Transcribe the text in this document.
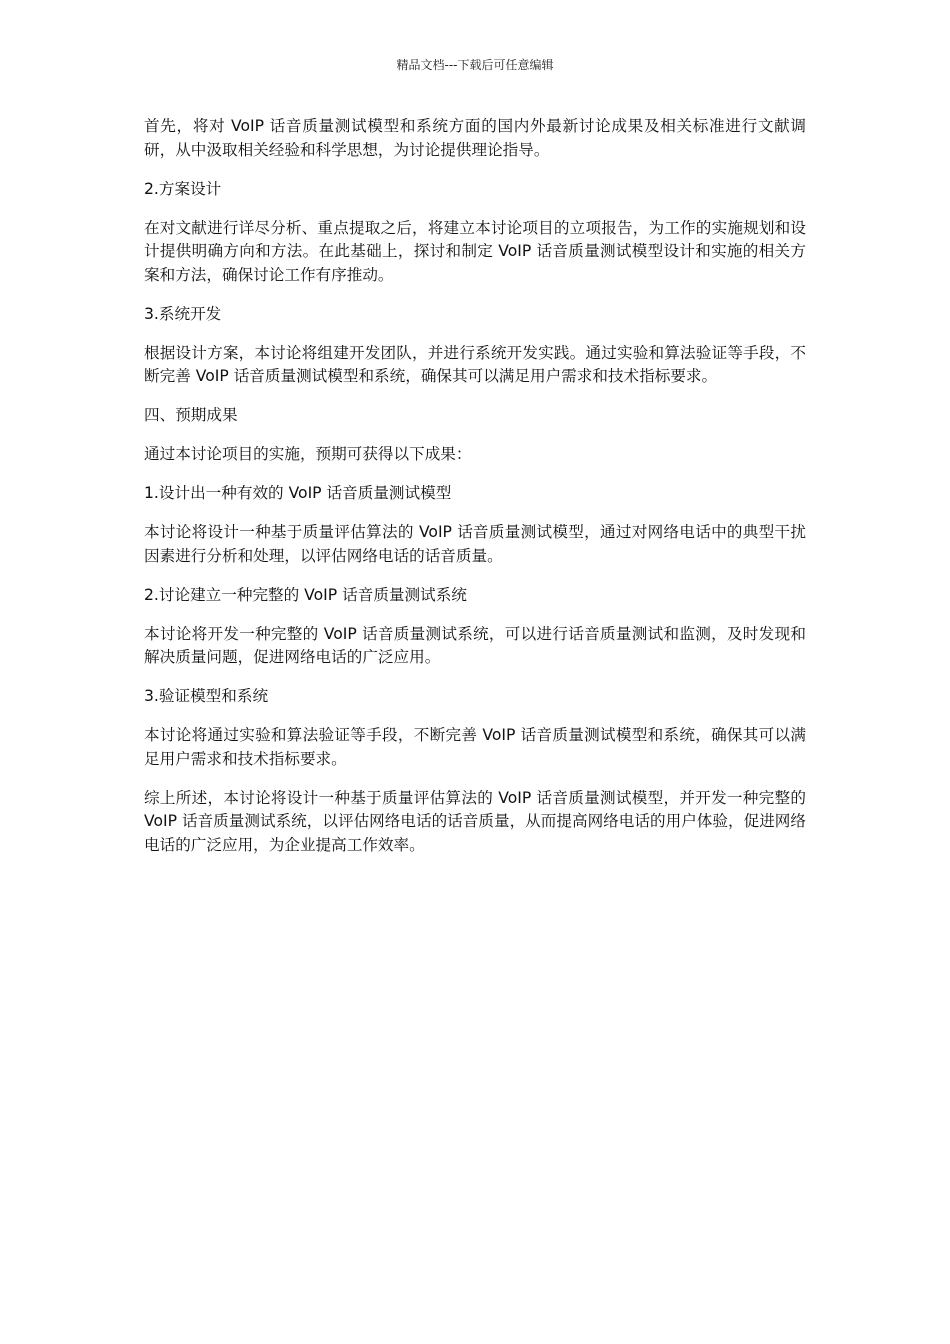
精品文档---下载后可任意编辑

首先，将对 VoIP 话音质量测试模型和系统方面的国内外最新讨论成果及相关标准进行文献调研，从中汲取相关经验和科学思想，为讨论提供理论指导。

2.方案设计

在对文献进行详尽分析、重点提取之后，将建立本讨论项目的立项报告，为工作的实施规划和设计提供明确方向和方法。在此基础上，探讨和制定 VoIP 话音质量测试模型设计和实施的相关方案和方法，确保讨论工作有序推动。

3.系统开发

根据设计方案，本讨论将组建开发团队，并进行系统开发实践。通过实验和算法验证等手段，不断完善 VoIP 话音质量测试模型和系统，确保其可以满足用户需求和技术指标要求。

四、预期成果

通过本讨论项目的实施，预期可获得以下成果：

1.设计出一种有效的 VoIP 话音质量测试模型

本讨论将设计一种基于质量评估算法的 VoIP 话音质量测试模型，通过对网络电话中的典型干扰因素进行分析和处理，以评估网络电话的话音质量。

2.讨论建立一种完整的 VoIP 话音质量测试系统

本讨论将开发一种完整的 VoIP 话音质量测试系统，可以进行话音质量测试和监测，及时发现和解决质量问题，促进网络电话的广泛应用。

3.验证模型和系统

本讨论将通过实验和算法验证等手段，不断完善 VoIP 话音质量测试模型和系统，确保其可以满足用户需求和技术指标要求。

综上所述，本讨论将设计一种基于质量评估算法的 VoIP 话音质量测试模型，并开发一种完整的 VoIP 话音质量测试系统，以评估网络电话的话音质量，从而提高网络电话的用户体验，促进网络电话的广泛应用，为企业提高工作效率。
